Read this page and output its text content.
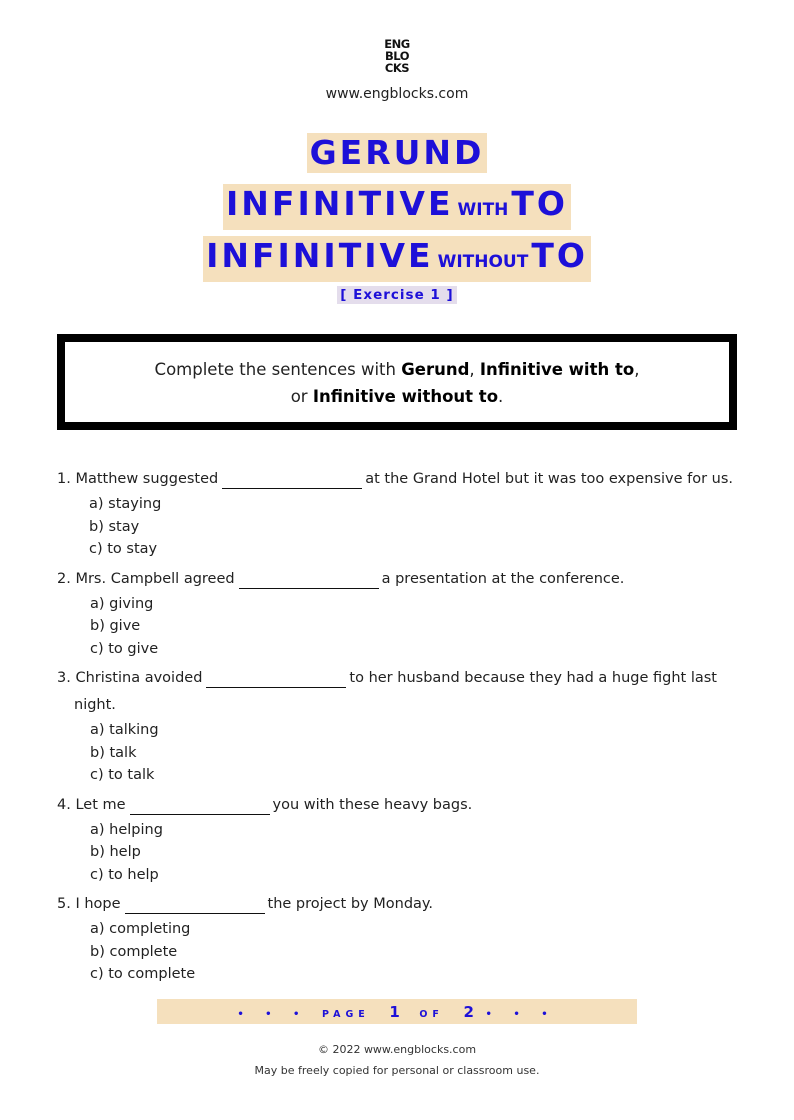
ENG
BLO
CKS
www.engblocks.com
GERUND
INFINITIVE WITHTO
INFINITIVE WITHOUTTO
[ Exercise 1 ]
Complete the sentences with Gerund, Infinitive with to,
or Infinitive without to.
1. Matthew suggested	at the Grand Hotel but it was too expensive for us.
a) staying
b) stay
c) to stay
2. Mrs. Campbell agreed	a presentation at the conference.
a) giving
b) give
c) to give
3. Christina avoided	to her husband because they had a huge fight last night.
a) talking
b) talk
c) to talk
4. Let me	you with these heavy bags.
a) helping
b) help
c) to help
5. I hope	the project by Monday.
a) completing
b) complete
c) to complete
• • • PAGE 1 OF 2 • • •
© 2022 www.engblocks.com
May be freely copied for personal or classroom use.
